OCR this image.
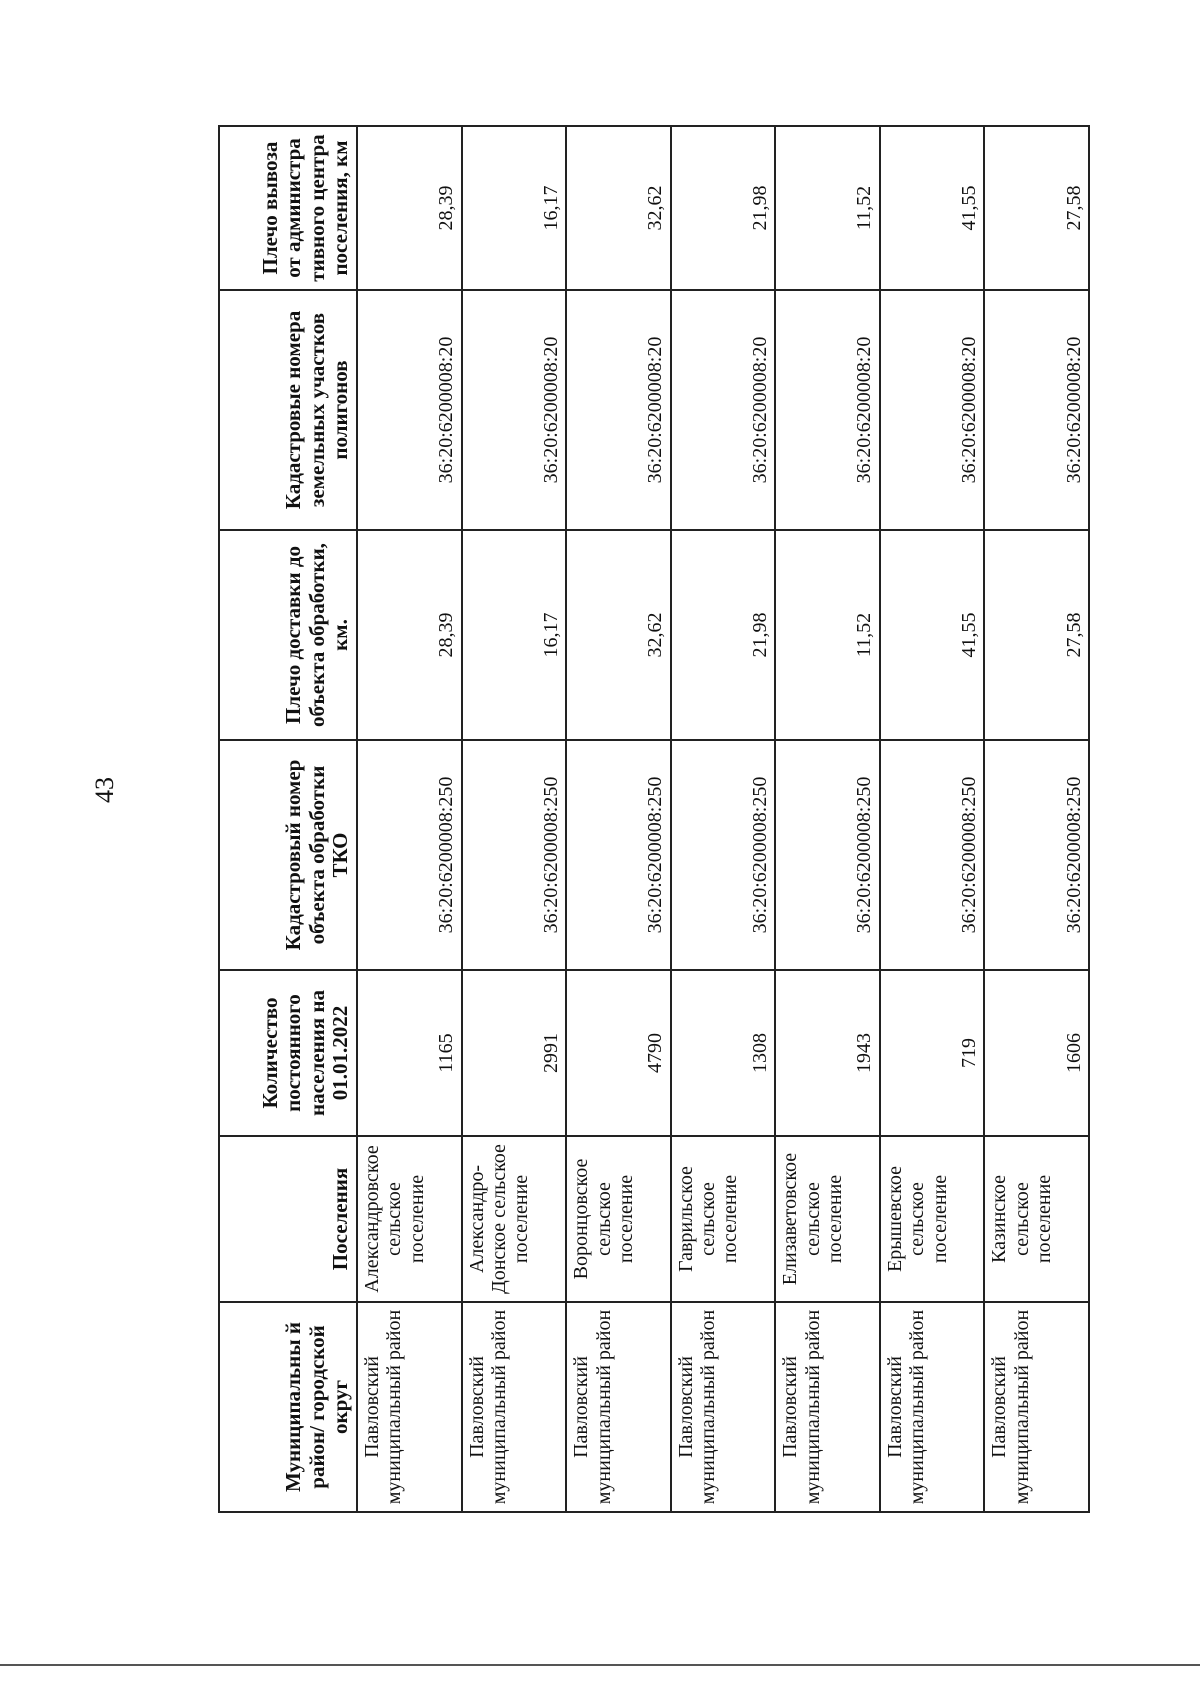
43
Муниципальны й район/ городской округ	Поселения	Количество постоянного населения на 01.01.2022	Кадастровый номер объекта обработки ТКО	Плечо доставки до объекта обработки, км.	Кадастровые номера земельных участков полигонов	Плечо вывоза от администра тивного центра поселения, км
Павловский муниципальный район	Александровское сельское поселение	1165	36:20:6200008:250	28,39	36:20:6200008:20	28,39
Павловский муниципальный район	Александро-Донское сельское поселение	2991	36:20:6200008:250	16,17	36:20:6200008:20	16,17
Павловский муниципальный район	Воронцовское сельское поселение	4790	36:20:6200008:250	32,62	36:20:6200008:20	32,62
Павловский муниципальный район	Гаврильское сельское поселение	1308	36:20:6200008:250	21,98	36:20:6200008:20	21,98
Павловский муниципальный район	Елизаветовское сельское поселение	1943	36:20:6200008:250	11,52	36:20:6200008:20	11,52
Павловский муниципальный район	Ерышевское сельское поселение	719	36:20:6200008:250	41,55	36:20:6200008:20	41,55
Павловский муниципальный район	Казинское сельское поселение	1606	36:20:6200008:250	27,58	36:20:6200008:20	27,58
